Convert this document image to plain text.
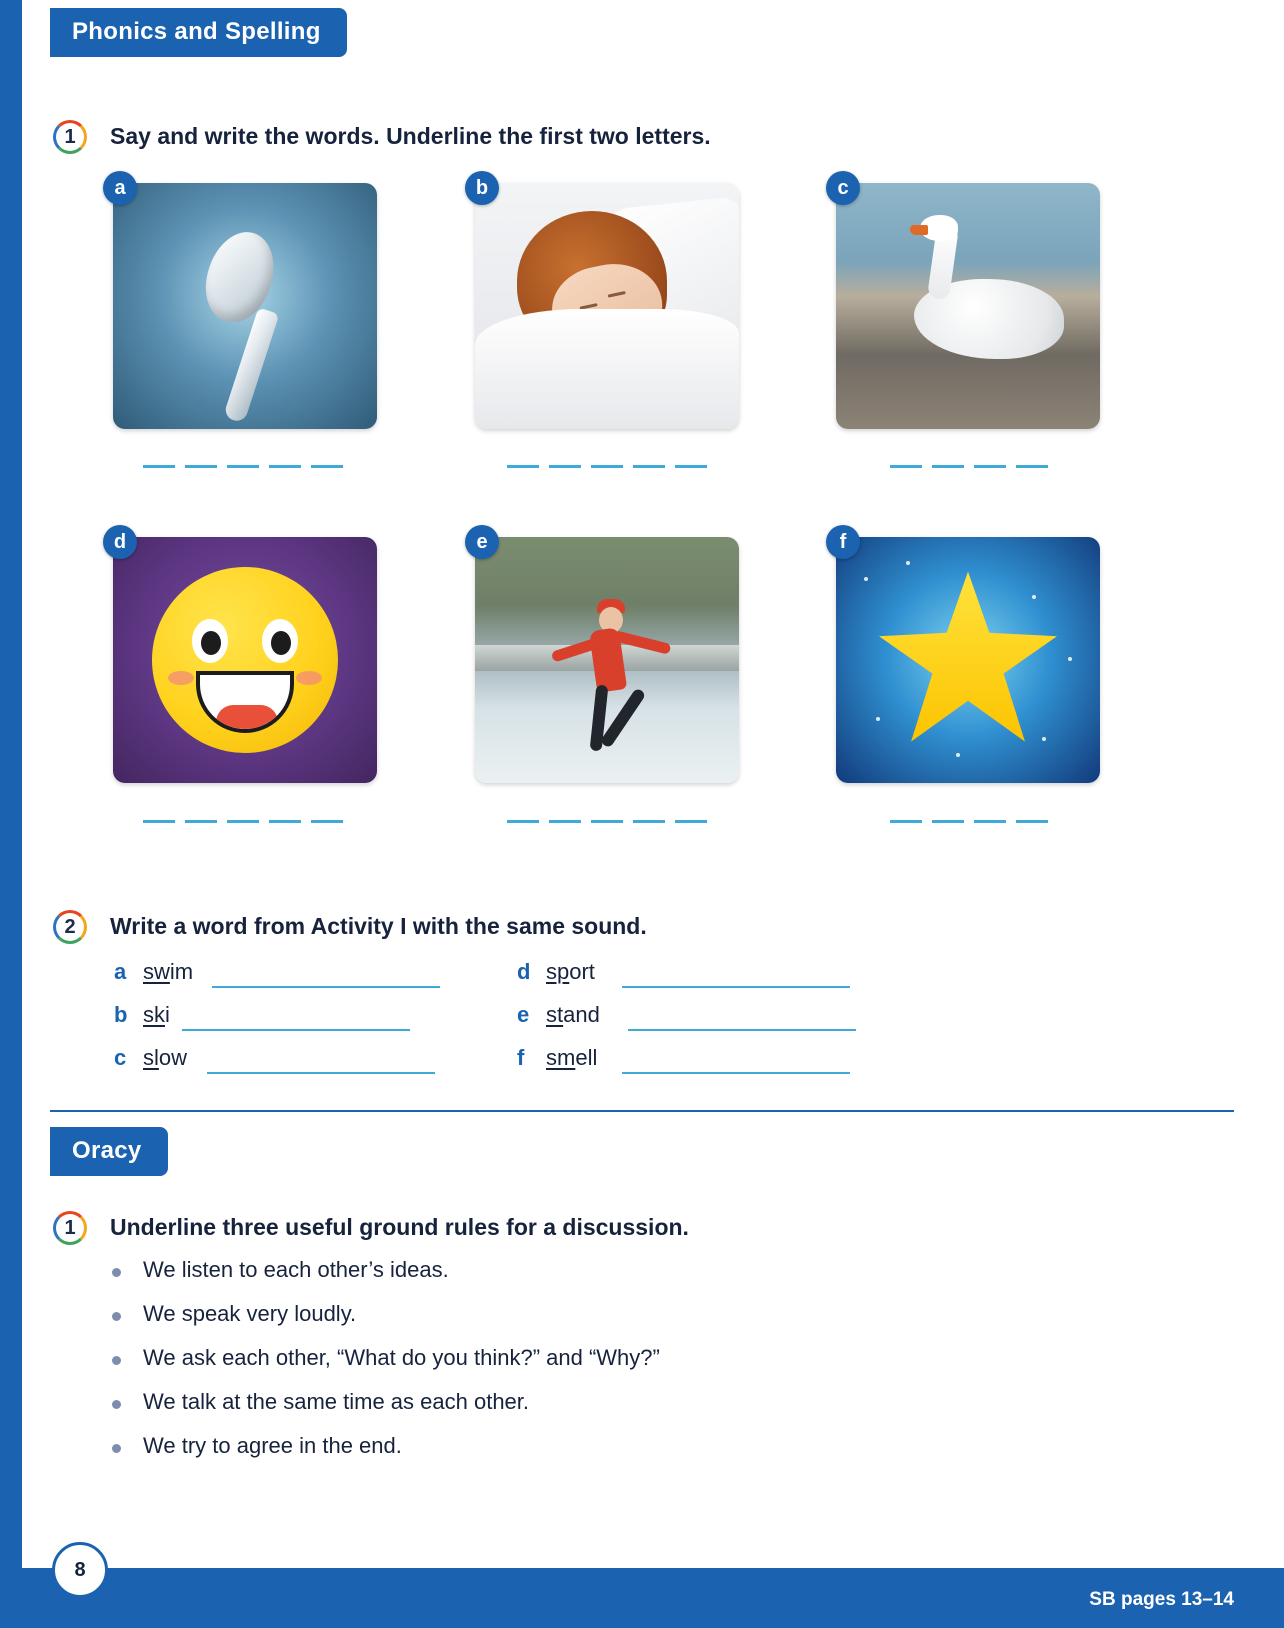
Phonics and Spelling
1	Say and write the words. Underline the first two letters.
a	b	c
d	e	f
2	Write a word from Activity I with the same sound.
a swim
b ski
c slow
d sport
e stand
f smell
Oracy
1	Underline three useful ground rules for a discussion.
We listen to each other’s ideas.
We speak very loudly.
We ask each other, “What do you think?” and “Why?”
We talk at the same time as each other.
We try to agree in the end.
8
SB pages 13–14
